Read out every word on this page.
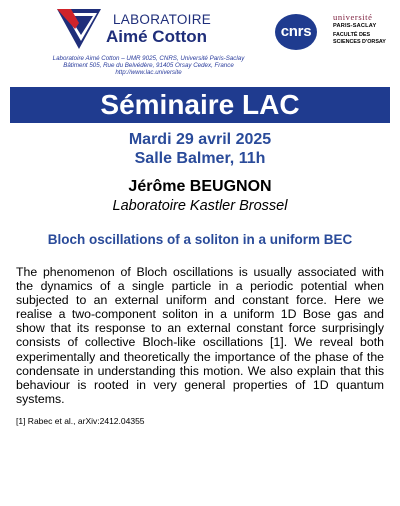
LABORATOIRE
Aimé Cotton
Laboratoire Aimé Cotton – UMR 9025, CNRS, Université Paris-Saclay
Bâtiment 505, Rue du Belvédère, 91405 Orsay Cedex, France
http://www.lac.universite
cnrs
université
PARIS-SACLAY
FACULTÉ DES SCIENCES D'ORSAY
Séminaire LAC
Mardi 29 avril 2025
Salle Balmer, 11h
Jérôme BEUGNON
Laboratoire Kastler Brossel
Bloch oscillations of a soliton in a uniform BEC

The phenomenon of Bloch oscillations is usually associated with the dynamics of a single particle in a periodic potential when subjected to an external uniform and constant force. Here we realise a two-component soliton in a uniform 1D Bose gas and show that its response to an external constant force surprisingly consists of collective Bloch-like oscillations [1]. We reveal both experimentally and theoretically the importance of the phase of the condensate in understanding this motion. We also explain that this behaviour is rooted in very general properties of 1D quantum systems.

[1] Rabec et al., arXiv:2412.04355
